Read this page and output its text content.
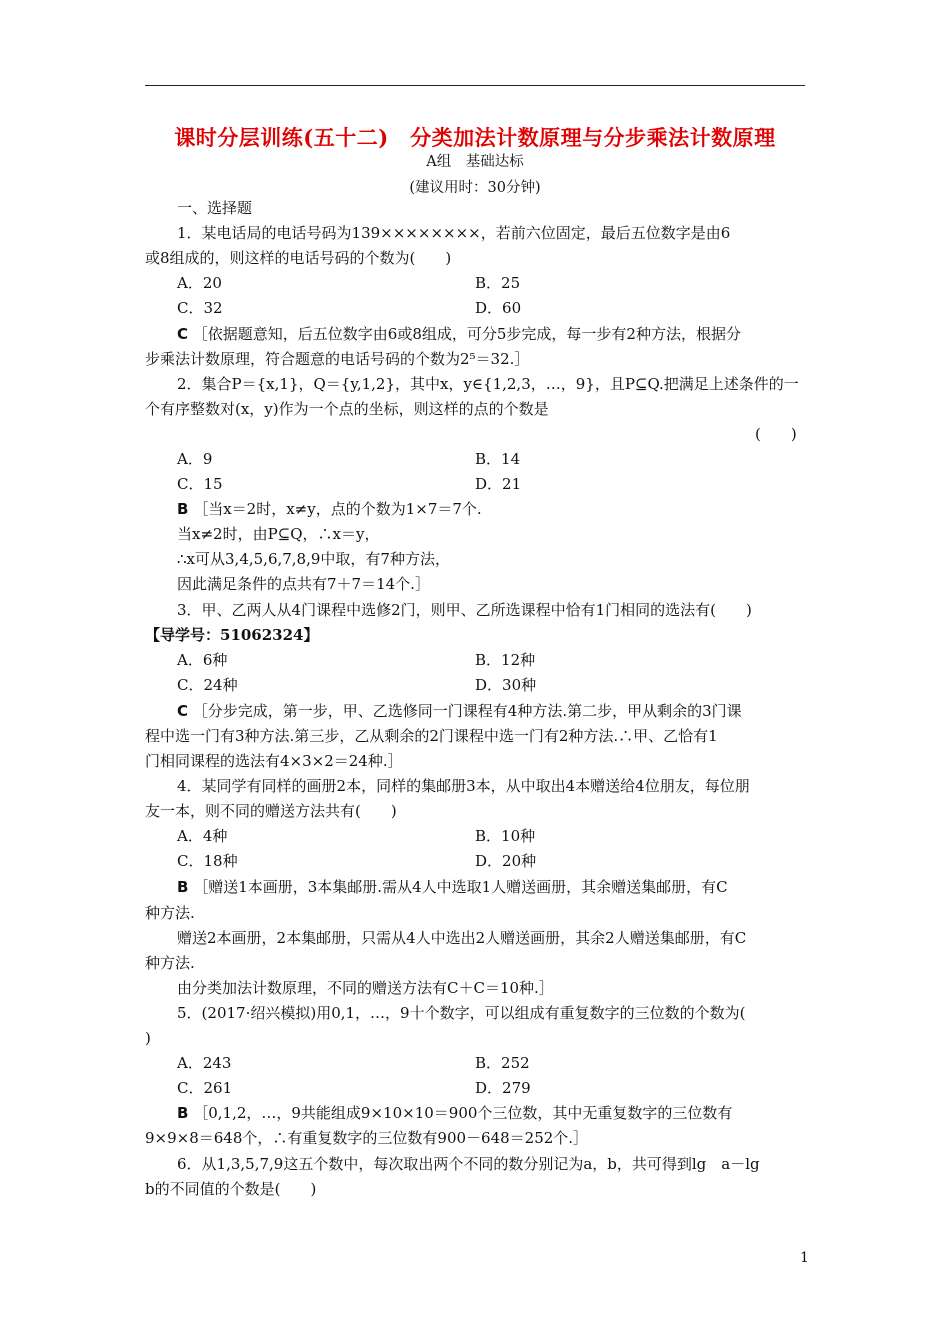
课时分层训练(五十二)　分类加法计数原理与分步乘法计数原理
A组　基础达标
(建议用时：30分钟)
一、选择题
1．某电话局的电话号码为139××××××××，若前六位固定，最后五位数字是由6
或8组成的，则这样的电话号码的个数为(　　)
A．20	B．25
C．32	D．60
C ［依据题意知，后五位数字由6或8组成，可分5步完成，每一步有2种方法，根据分
步乘法计数原理，符合题意的电话号码的个数为2⁵＝32.］
2．集合P＝{x,1}，Q＝{y,1,2}，其中x，y∈{1,2,3，…，9}，且P⊆Q.把满足上述条件的一
个有序整数对(x，y)作为一个点的坐标，则这样的点的个数是
(　　)
A．9	B．14
C．15	D．21
B ［当x＝2时，x≠y，点的个数为1×7＝7个.
当x≠2时，由P⊆Q，∴x＝y，
∴x可从3,4,5,6,7,8,9中取，有7种方法，
因此满足条件的点共有7＋7＝14个.］
3．甲、乙两人从4门课程中选修2门，则甲、乙所选课程中恰有1门相同的选法有(　　)
【导学号：51062324】
A．6种	B．12种
C．24种	D．30种
C ［分步完成，第一步，甲、乙选修同一门课程有4种方法.第二步，甲从剩余的3门课
程中选一门有3种方法.第三步，乙从剩余的2门课程中选一门有2种方法.∴甲、乙恰有1
门相同课程的选法有4×3×2＝24种.］
4．某同学有同样的画册2本，同样的集邮册3本，从中取出4本赠送给4位朋友，每位朋
友一本，则不同的赠送方法共有(　　)
A．4种	B．10种
C．18种	D．20种
B ［赠送1本画册，3本集邮册.需从4人中选取1人赠送画册，其余赠送集邮册，有C
种方法.
赠送2本画册，2本集邮册，只需从4人中选出2人赠送画册，其余2人赠送集邮册，有C
种方法.
由分类加法计数原理，不同的赠送方法有C＋C＝10种.］
5．(2017·绍兴模拟)用0,1，…，9十个数字，可以组成有重复数字的三位数的个数为(
)
A．243	B．252
C．261	D．279
B ［0,1,2，…，9共能组成9×10×10＝900个三位数，其中无重复数字的三位数有
9×9×8＝648个，∴有重复数字的三位数有900－648＝252个.］
6．从1,3,5,7,9这五个数中，每次取出两个不同的数分别记为a，b，共可得到lg　a－lg
b的不同值的个数是(　　)
1
